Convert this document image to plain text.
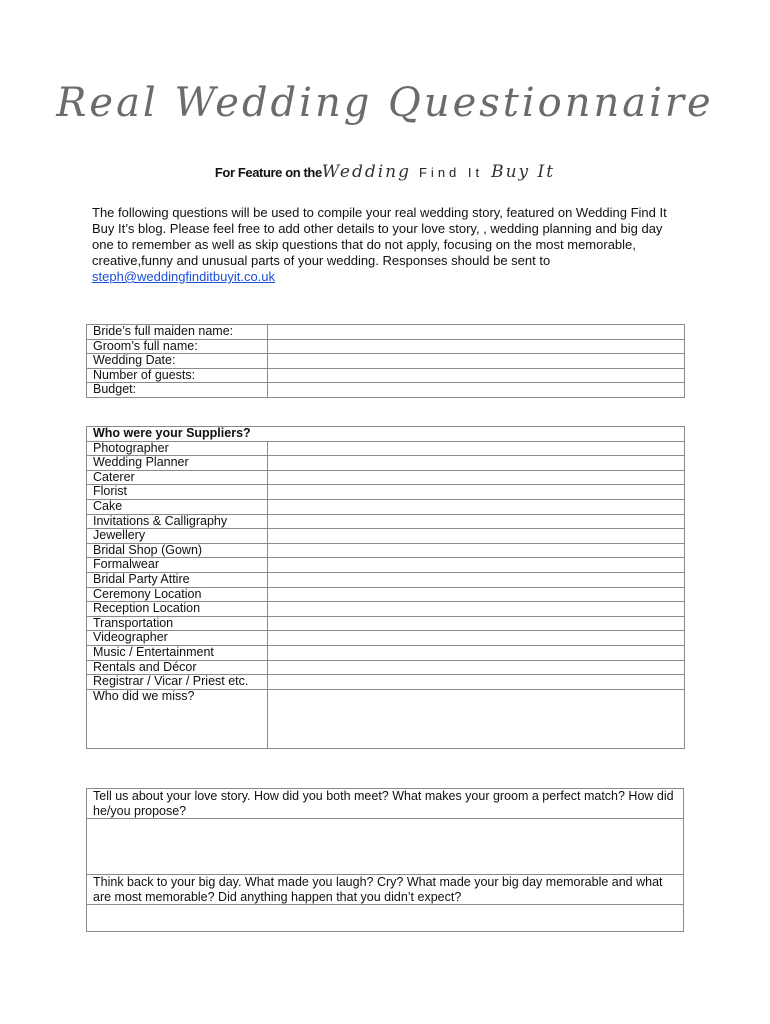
Real Wedding Questionnaire
For Feature on theWedding Find It Buy It
The following questions will be used to compile your real wedding story, featured on Wedding Find It Buy It’s blog. Please feel free to add other details to your love story, , wedding planning and big day one to remember as well as skip questions that do not apply, focusing on the most memorable, creative,funny and unusual parts of your wedding. Responses should be sent to
steph@weddingfinditbuyit.co.uk
Bride’s full maiden name:	
Groom’s full name:	
Wedding Date:	
Number of guests:	
Budget:	
Who were your Suppliers?	
Photographer	
Wedding Planner	
Caterer	
Florist	
Cake	
Invitations & Calligraphy	
Jewellery	
Bridal Shop (Gown)	
Formalwear	
Bridal Party Attire	
Ceremony Location	
Reception Location	
Transportation	
Videographer	
Music / Entertainment	
Rentals and Décor	
Registrar / Vicar / Priest etc.	
Who did we miss?	
Tell us about your love story. How did you both meet? What makes your groom a perfect match? How did he/you propose?

Think back to your big day. What made you laugh? Cry? What made your big day memorable and what are most memorable? Did anything happen that you didn’t expect?
